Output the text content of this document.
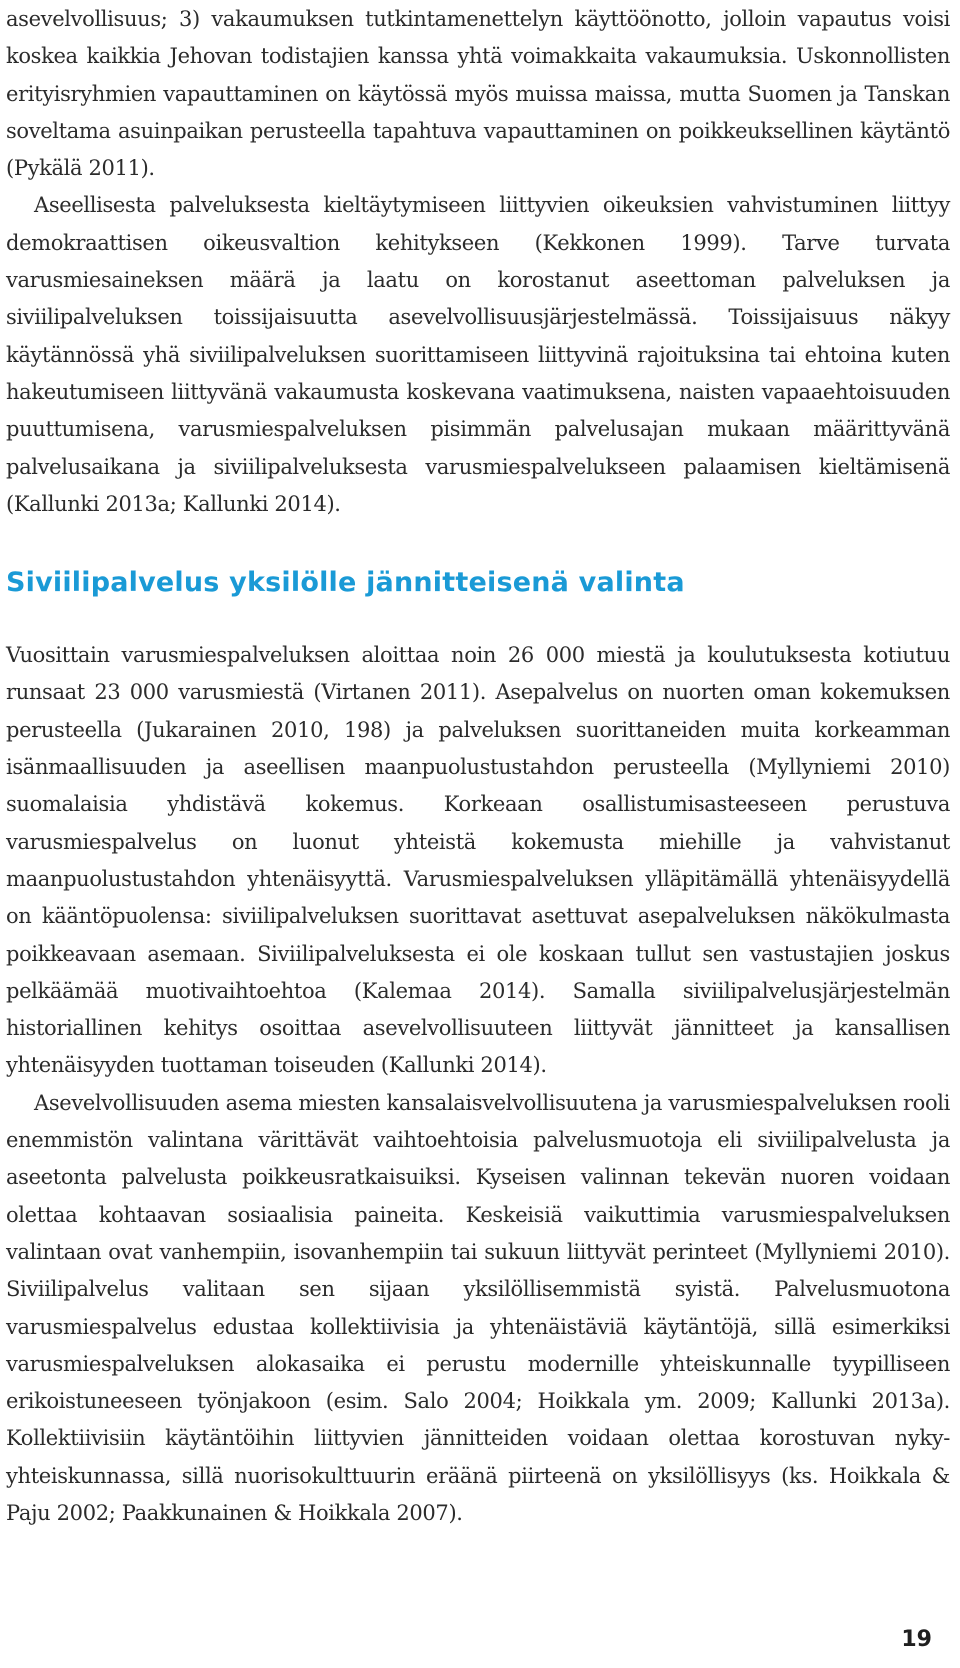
asevelvollisuus; 3) vakaumuksen tutkintamenettelyn käyttöönotto, jolloin vapautus voisi koskea kaikkia Jehovan todistajien kanssa yhtä voimakkaita vakaumuksia. Uskonnollisten erityisryhmien vapauttaminen on käytössä myös muissa maissa, mutta Suomen ja Tanskan soveltama asuinpaikan perusteella tapahtuva vapauttaminen on poikkeuksellinen käytäntö (Pykälä 2011).

Aseellisesta palveluksesta kieltäytymiseen liittyvien oikeuksien vahvistuminen liittyy demokraattisen oikeusvaltion kehitykseen (Kekkonen 1999). Tarve turvata varusmiesaineksen määrä ja laatu on korostanut aseettoman palveluksen ja siviilipalveluksen toissijaisuutta asevelvollisuusjärjestelmässä. Toissijaisuus näkyy käytännössä yhä siviilipalveluksen suorittamiseen liittyvinä rajoituksina tai ehtoina kuten hakeutumiseen liittyvänä vakaumusta koskevana vaatimuksena, naisten vapaaehtoisuuden puuttumisena, varusmiespalveluksen pisimmän palvelusajan mukaan määrittyvänä palvelusaikana ja siviilipalveluksesta varusmiespalvelukseen palaamisen kieltämisenä (Kallunki 2013a; Kallunki 2014).

Siviilipalvelus yksilölle jännitteisenä valinta

Vuosittain varusmiespalveluksen aloittaa noin 26 000 miestä ja koulutuksesta kotiutuu runsaat 23 000 varusmiestä (Virtanen 2011). Asepalvelus on nuorten oman kokemuksen perusteella (Jukarainen 2010, 198) ja palveluksen suorittaneiden muita korkeamman isänmaallisuuden ja aseellisen maanpuolustustahdon perusteella (Myllyniemi 2010) suomalaisia yhdistävä kokemus. Korkeaan osallistumisasteeseen perustuva varusmiespalvelus on luonut yhteistä kokemusta miehille ja vahvistanut maanpuolustustahdon yhtenäisyyttä. Varusmiespalveluksen ylläpitämällä yhtenäisyydellä on kääntöpuolensa: siviilipalveluksen suorittavat asettuvat asepalveluksen näkökulmasta poikkeavaan asemaan. Siviilipalveluksesta ei ole koskaan tullut sen vastustajien joskus pelkäämää muotivaihtoehtoa (Kalemaa 2014). Samalla siviilipalvelusjärjestelmän historiallinen kehitys osoittaa asevelvollisuuteen liittyvät jännitteet ja kansallisen yhtenäisyyden tuottaman toiseuden (Kallunki 2014).

Asevelvollisuuden asema miesten kansalaisvelvollisuutena ja varusmiespalveluksen rooli enemmistön valintana värittävät vaihtoehtoisia palvelusmuotoja eli siviilipalvelusta ja aseetonta palvelusta poikkeusratkaisuiksi. Kyseisen valinnan tekevän nuoren voidaan olettaa kohtaavan sosiaalisia paineita. Keskeisiä vaikuttimia varusmiespalveluksen valintaan ovat vanhempiin, isovanhempiin tai sukuun liittyvät perinteet (Myllyniemi 2010). Siviilipalvelus valitaan sen sijaan yksilöllisemmistä syistä. Palvelusmuotona varusmiespalvelus edustaa kollektiivisia ja yhtenäistäviä käytäntöjä, sillä esimerkiksi varusmiespalveluksen alokasaika ei perustu modernille yhteiskunnalle tyypilliseen erikoistuneeseen työnjakoon (esim. Salo 2004; Hoikkala ym. 2009; Kallunki 2013a). Kollektiivisiin käytäntöihin liittyvien jännitteiden voidaan olettaa korostuvan nyky-yhteiskunnassa, sillä nuorisokulttuurin eräänä piirteenä on yksilöllisyys (ks. Hoikkala & Paju 2002; Paakkunainen & Hoikkala 2007).

19
